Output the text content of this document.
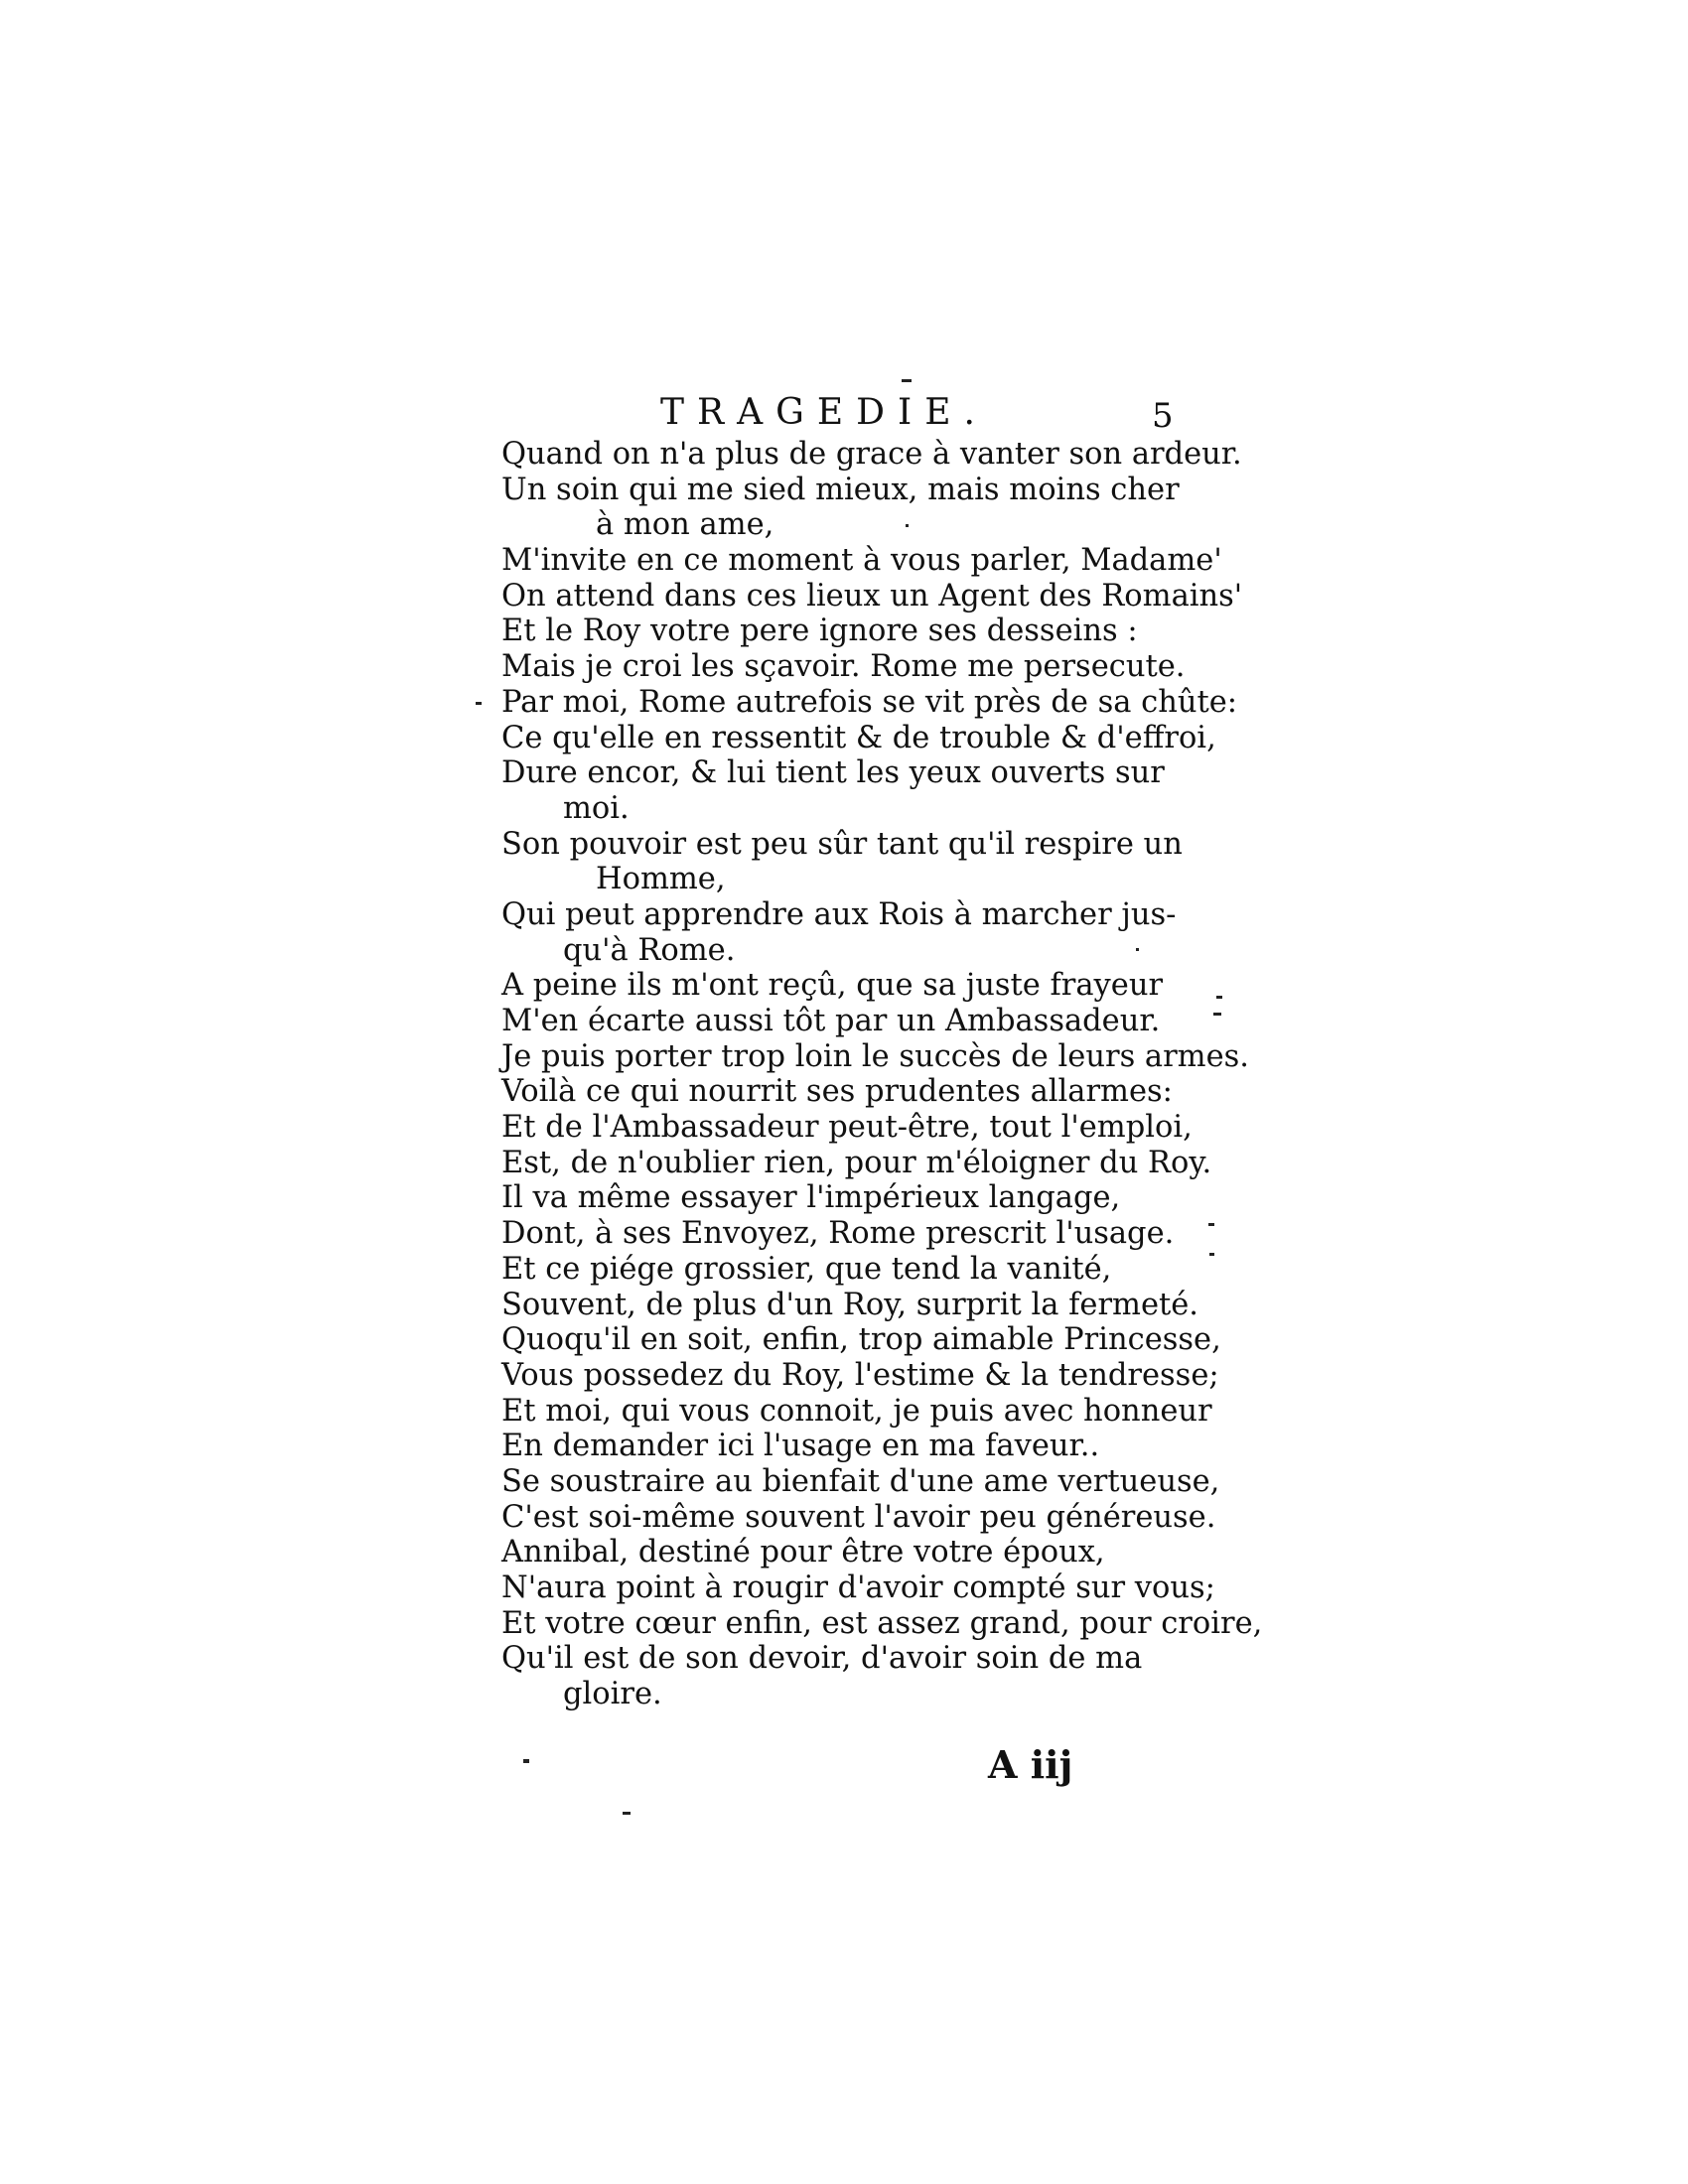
TRAGEDIE.	5
Quand on n'a plus de grace à vanter son ardeur.
Un soin qui me sied mieux, mais moins cher
à mon ame,
M'invite en ce moment à vous parler, Madame'
On attend dans ces lieux un Agent des Romains'
Et le Roy votre pere ignore ses desseins :
Mais je croi les sçavoir. Rome me persecute.
Par moi, Rome autrefois se vit près de sa chûte:
Ce qu'elle en ressentit & de trouble & d'effroi,
Dure encor, & lui tient les yeux ouverts sur
moi.
Son pouvoir est peu sûr tant qu'il respire un
Homme,
Qui peut apprendre aux Rois à marcher jus-
qu'à Rome.
A peine ils m'ont reçû, que sa juste frayeur
M'en écarte aussi tôt par un Ambassadeur.
Je puis porter trop loin le succès de leurs armes.
Voilà ce qui nourrit ses prudentes allarmes:
Et de l'Ambassadeur peut-être, tout l'emploi,
Est, de n'oublier rien, pour m'éloigner du Roy.
Il va même essayer l'impérieux langage,
Dont, à ses Envoyez, Rome prescrit l'usage.
Et ce piége grossier, que tend la vanité,
Souvent, de plus d'un Roy, surprit la fermeté.
Quoqu'il en soit, enfin, trop aimable Princesse,
Vous possedez du Roy, l'estime & la tendresse;
Et moi, qui vous connoit, je puis avec honneur
En demander ici l'usage en ma faveur..
Se soustraire au bienfait d'une ame vertueuse,
C'est soi-même souvent l'avoir peu généreuse.
Annibal, destiné pour être votre époux,
N'aura point à rougir d'avoir compté sur vous;
Et votre cœur enfin, est assez grand, pour croire,
Qu'il est de son devoir, d'avoir soin de ma
gloire.
A iij
